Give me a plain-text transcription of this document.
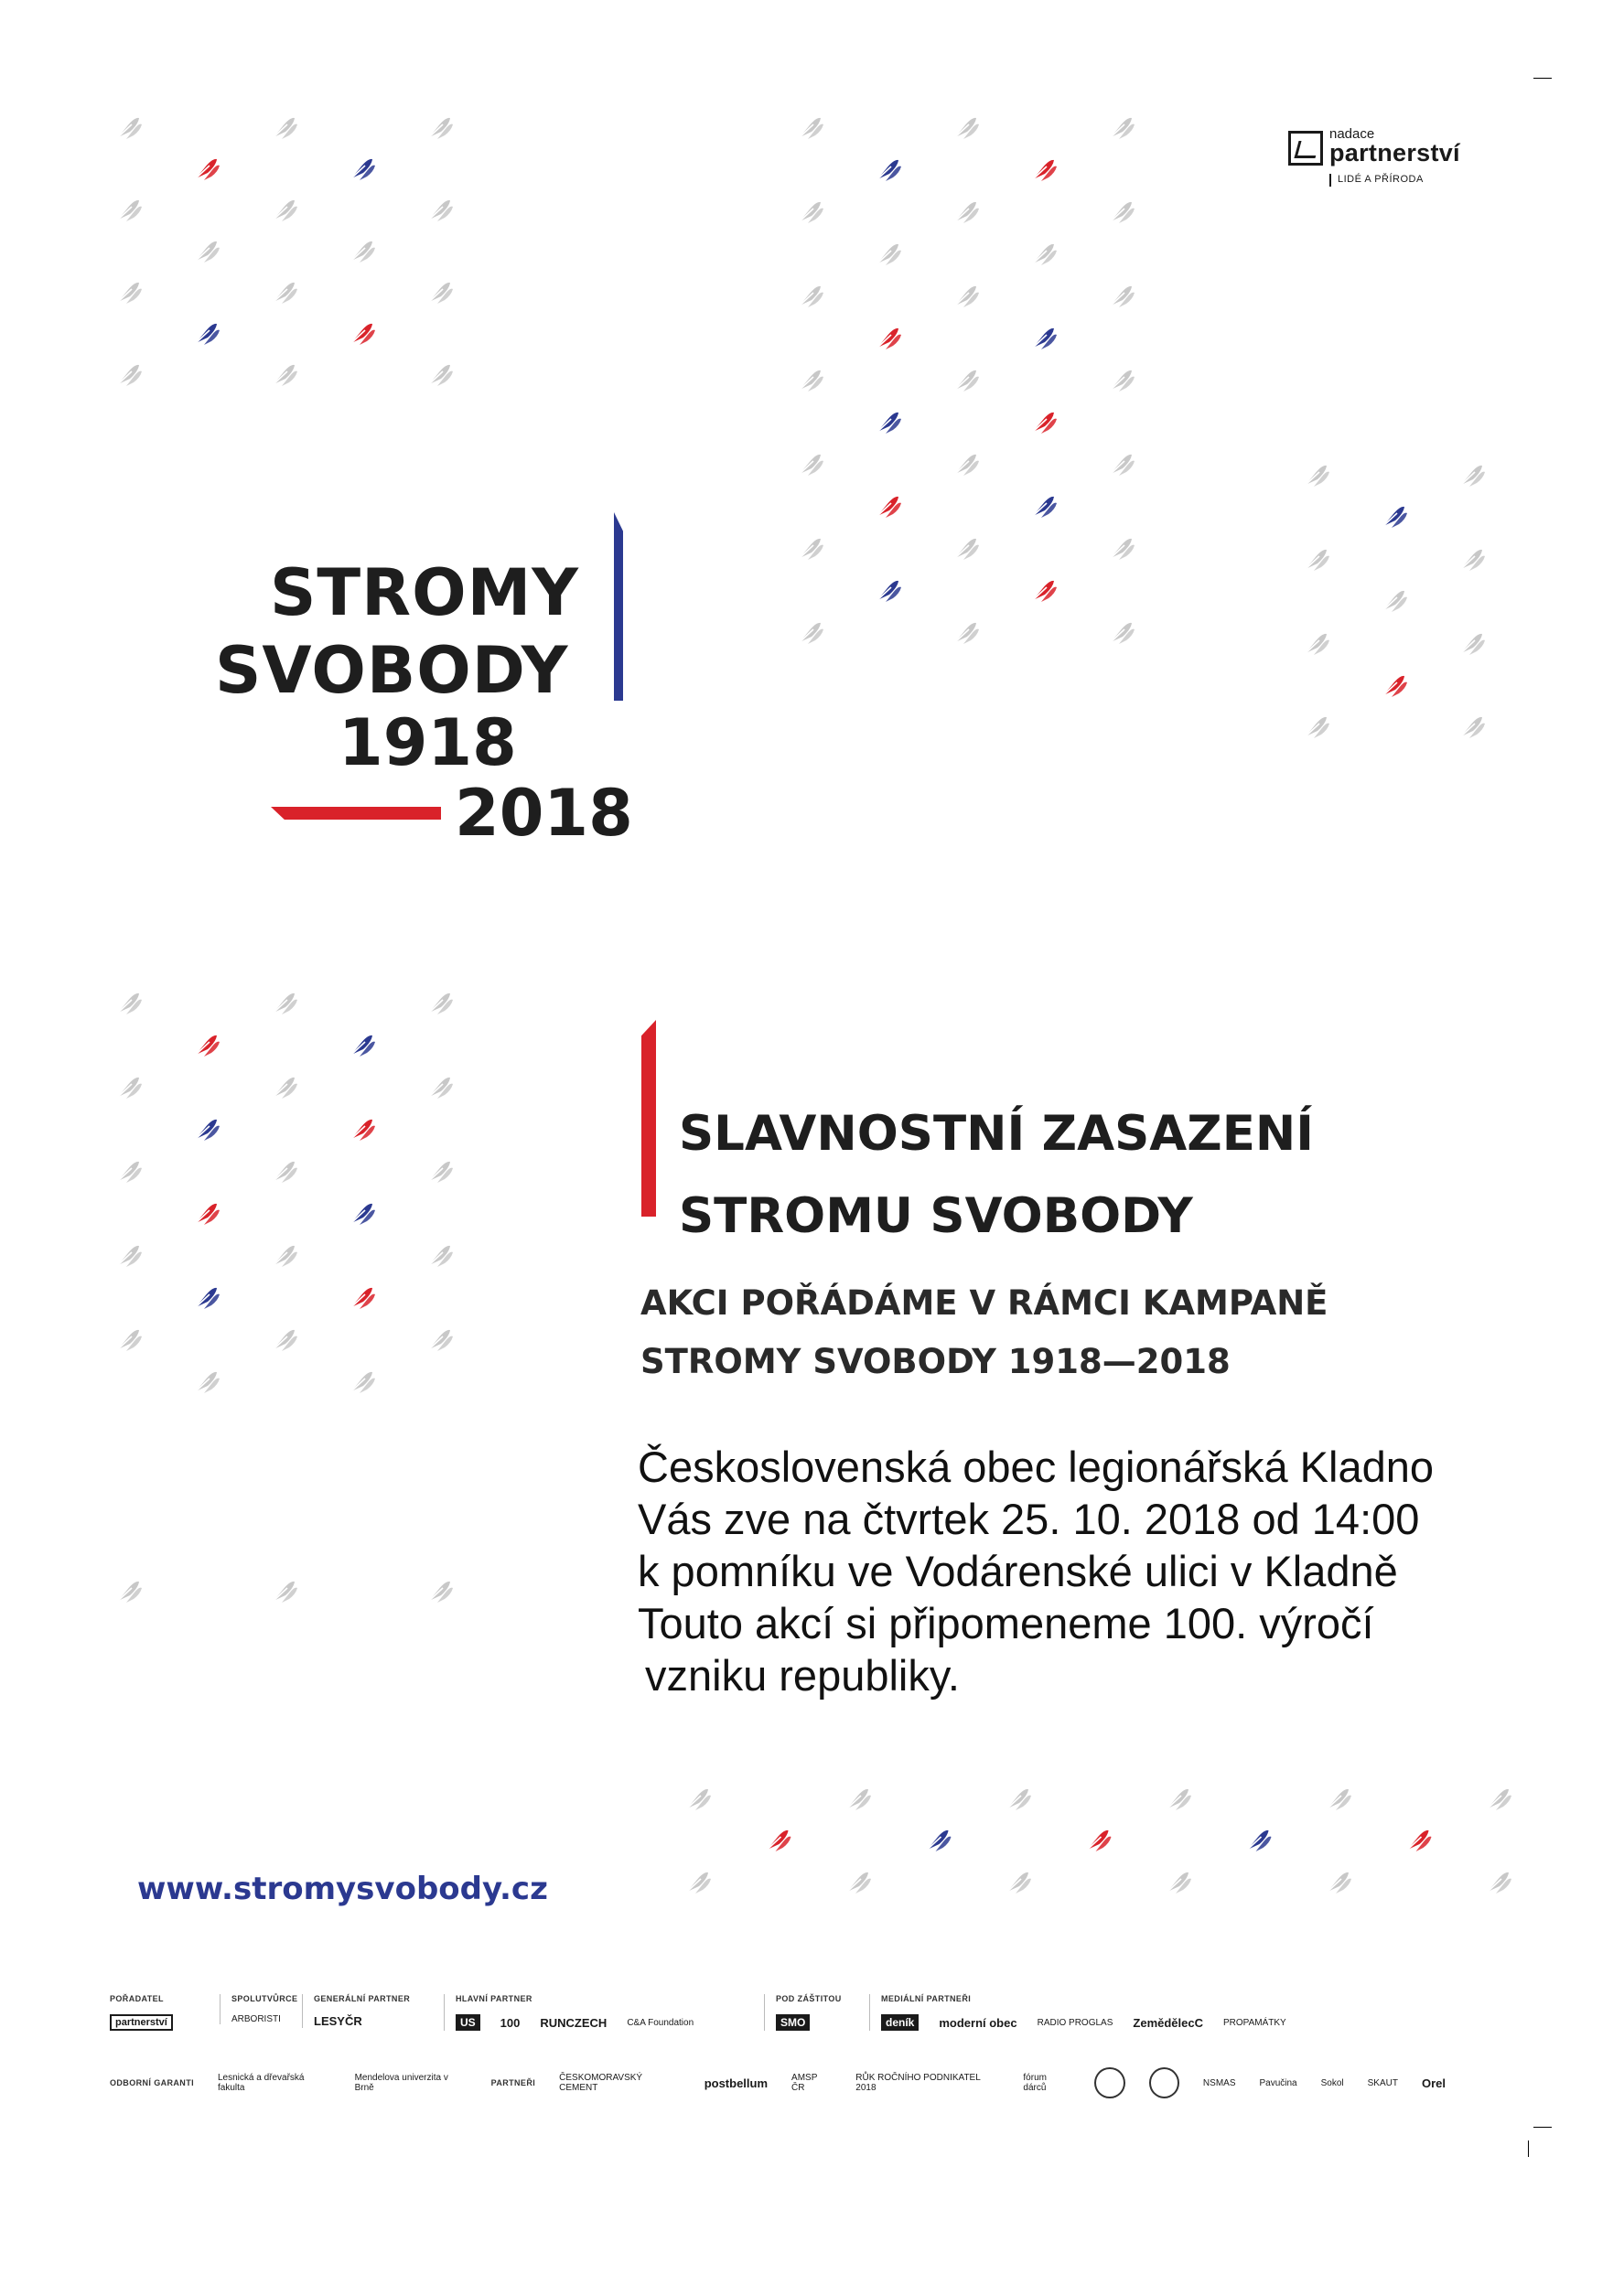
nadace
partnerství
LIDÉ A PŘÍRODA
STROMY
SVOBODY
1918
2018
SLAVNOSTNÍ ZASAZENÍ
STROMU SVOBODY
AKCI POŘÁDÁME V RÁMCI KAMPANĚ
STROMY SVOBODY 1918—2018
Československá obec legionářská Kladno
Vás zve na čtvrtek 25. 10. 2018 od 14:00
k pomníku ve Vodárenské ulici v Kladně
Touto akcí si připomeneme 100. výročí
vzniku republiky.
www.stromysvobody.cz
POŘADATEL
partnerství
SPOLUTVŮRCE
ARBORISTI
GENERÁLNÍ PARTNER
LESYČR
HLAVNÍ PARTNER
US	100 RUNCZECH C&A Foundation
POD ZÁŠTITOU
SMO
MEDIÁLNÍ PARTNEŘI
deník	moderní obec RADIO PROGLAS ZemědělecC PROPAMÁTKY
ODBORNÍ GARANTI	Lesnická a dřevařská fakulta
Mendelova univerzita v Brně	PARTNEŘI	ČESKOMORAVSKÝ CEMENT	postbellum	AMSP ČR
RŮK ROČNÍHO PODNIKATEL 2018
fórum dárců	NSMAS	Pavučina	Sokol	SKAUT Orel
